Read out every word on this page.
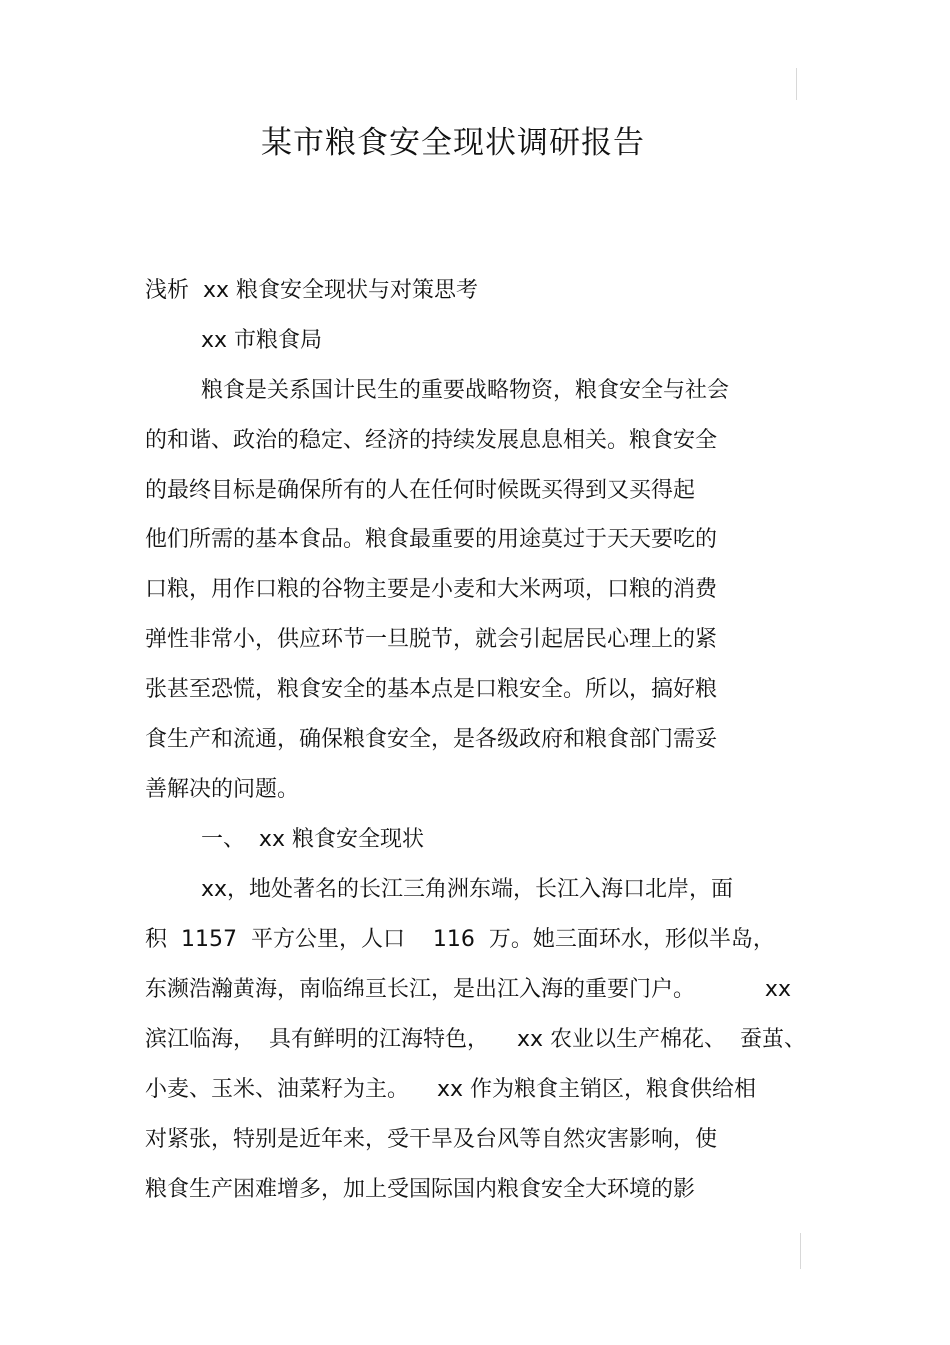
某市粮食安全现状调研报告
浅析  xx 粮食安全现状与对策思考
xx 市粮食局
粮食是关系国计民生的重要战略物资，粮食安全与社会
的和谐、政治的稳定、经济的持续发展息息相关。粮食安全
的最终目标是确保所有的人在任何时候既买得到又买得起
他们所需的基本食品。粮食最重要的用途莫过于天天要吃的
口粮，用作口粮的谷物主要是小麦和大米两项，口粮的消费
弹性非常小，供应环节一旦脱节，就会引起居民心理上的紧
张甚至恐慌，粮食安全的基本点是口粮安全。所以，搞好粮
食生产和流通，确保粮食安全，是各级政府和粮食部门需妥
善解决的问题。
一、  xx 粮食安全现状
xx，地处著名的长江三角洲东端，长江入海口北岸，面
积  1157  平方公里，人口    116  万。她三面环水，形似半岛，
东濒浩瀚黄海，南临绵亘长江，是出江入海的重要门户。          xx
滨江临海，  具有鲜明的江海特色，    xx 农业以生产棉花、  蚕茧、
小麦、玉米、油菜籽为主。    xx 作为粮食主销区，粮食供给相
对紧张，特别是近年来，受干旱及台风等自然灾害影响，使
粮食生产困难增多，加上受国际国内粮食安全大环境的影
